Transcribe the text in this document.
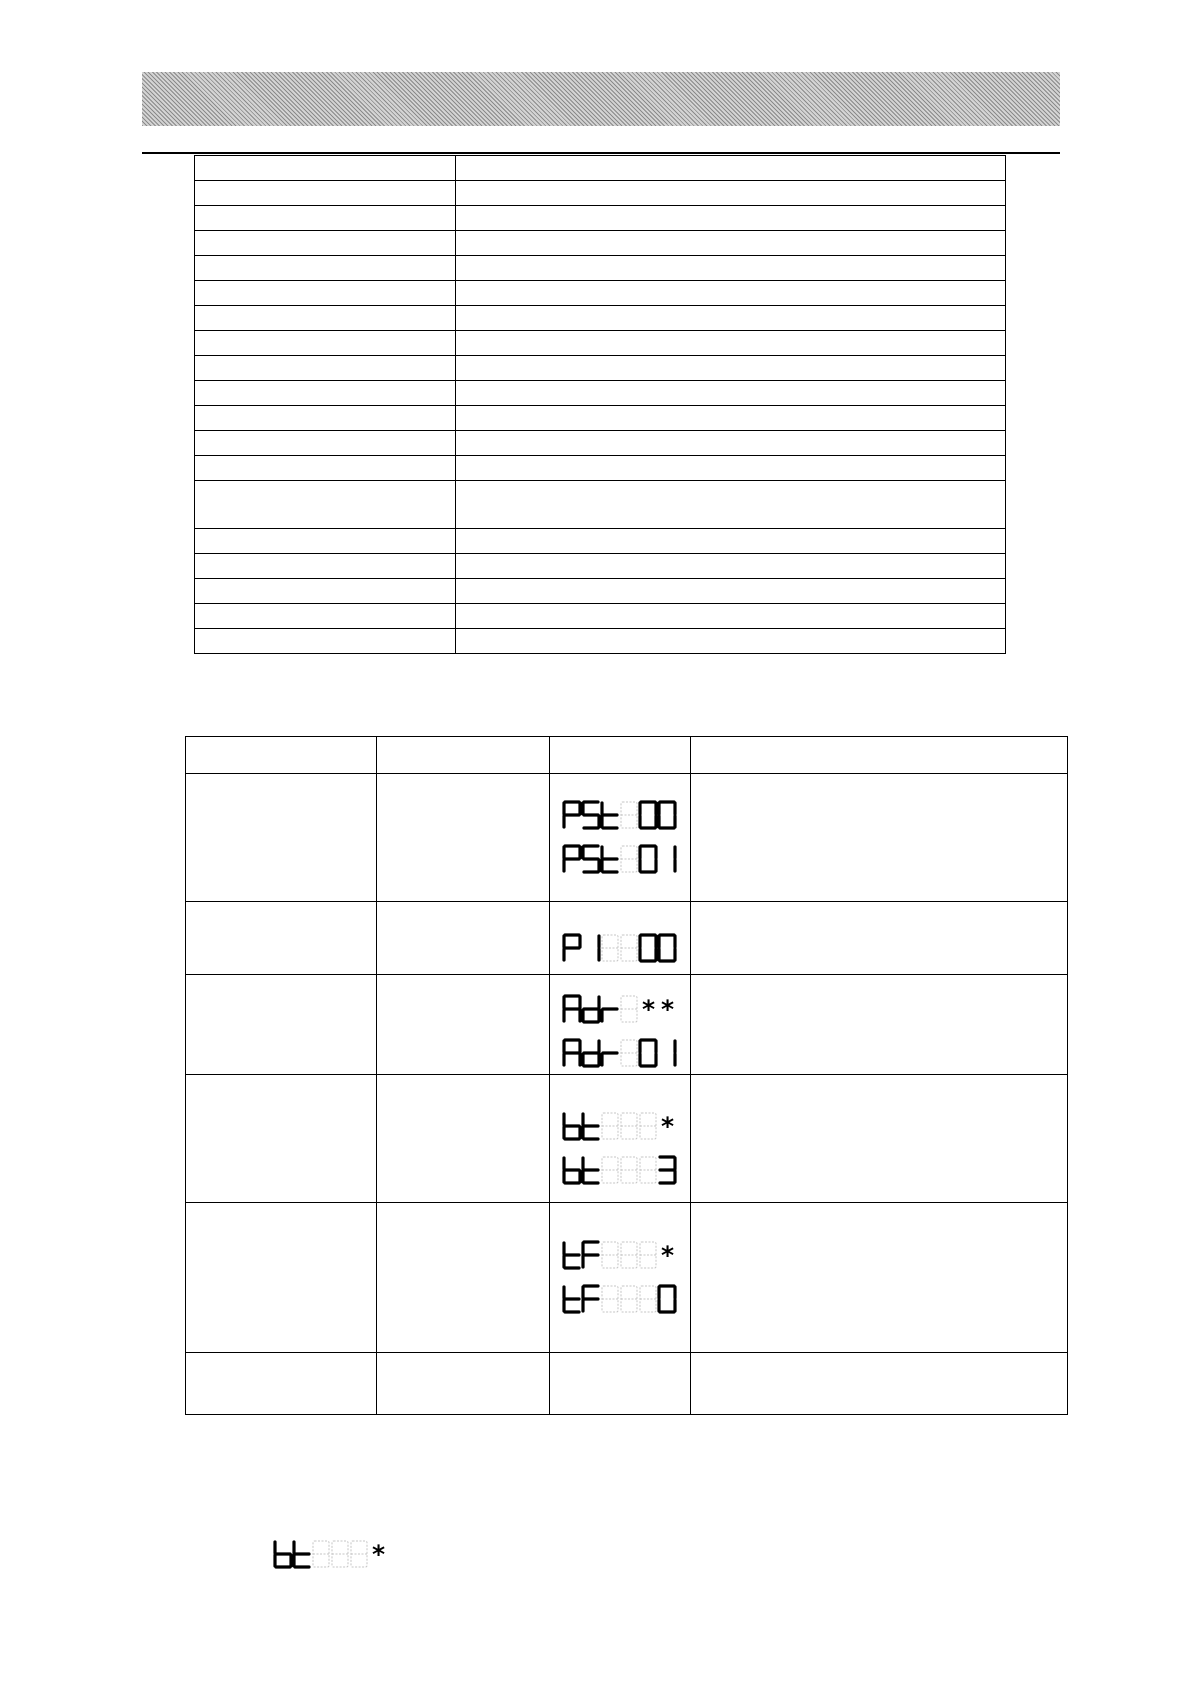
* *	

*	

*	

*
